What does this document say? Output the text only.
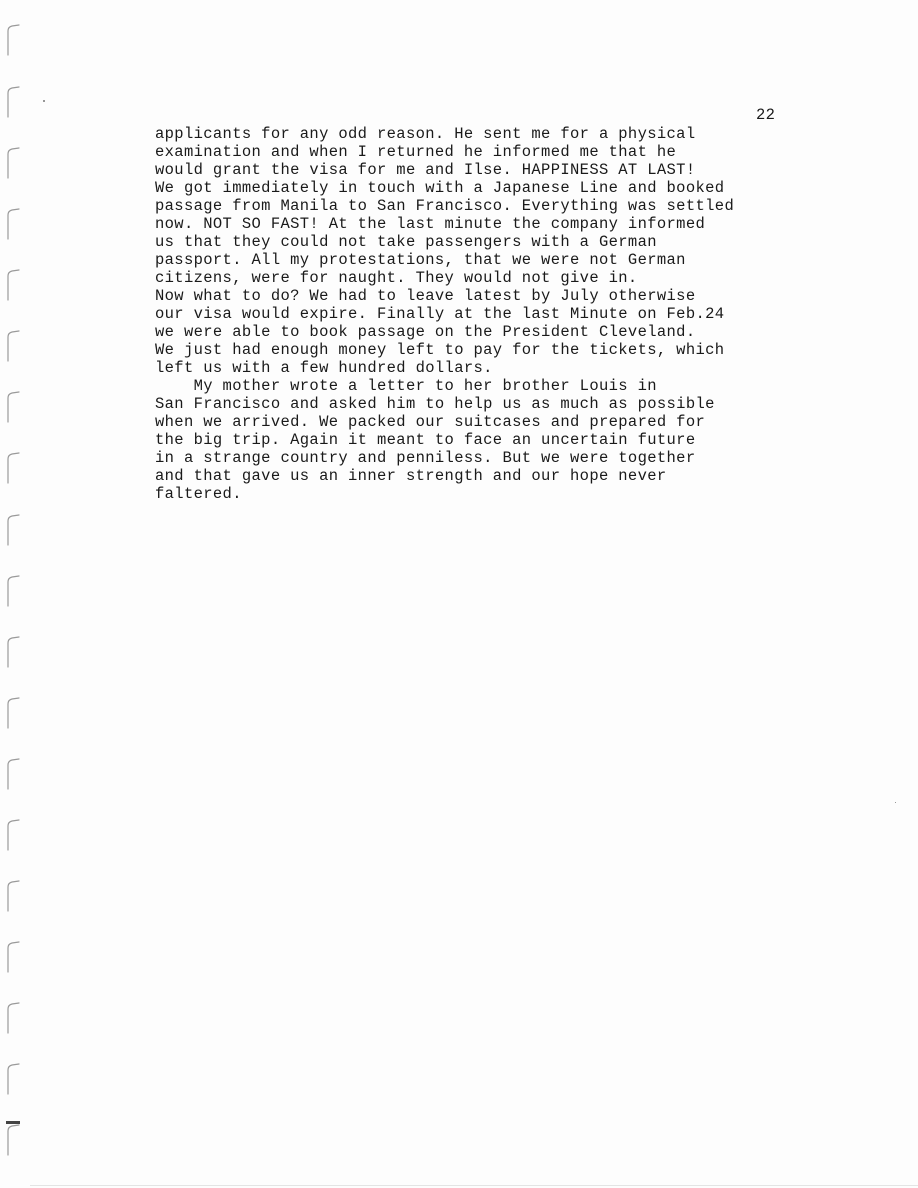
22
applicants for any odd reason. He sent me for a physical
examination and when I returned he informed me that he
would grant the visa for me and Ilse. HAPPINESS AT LAST!
We got immediately in touch with a Japanese Line and booked
passage from Manila to San Francisco. Everything was settled
now. NOT SO FAST! At the last minute the company informed
us that they could not take passengers with a German
passport. All my protestations, that we were not German
citizens, were for naught. They would not give in.
Now what to do? We had to leave latest by July otherwise
our visa would expire. Finally at the last Minute on Feb.24
we were able to book passage on the President Cleveland.
We just had enough money left to pay for the tickets, which
left us with a few hundred dollars.
My mother wrote a letter to her brother Louis in
San Francisco and asked him to help us as much as possible
when we arrived. We packed our suitcases and prepared for
the big trip. Again it meant to face an uncertain future
in a strange country and penniless. But we were together
and that gave us an inner strength and our hope never
faltered.
